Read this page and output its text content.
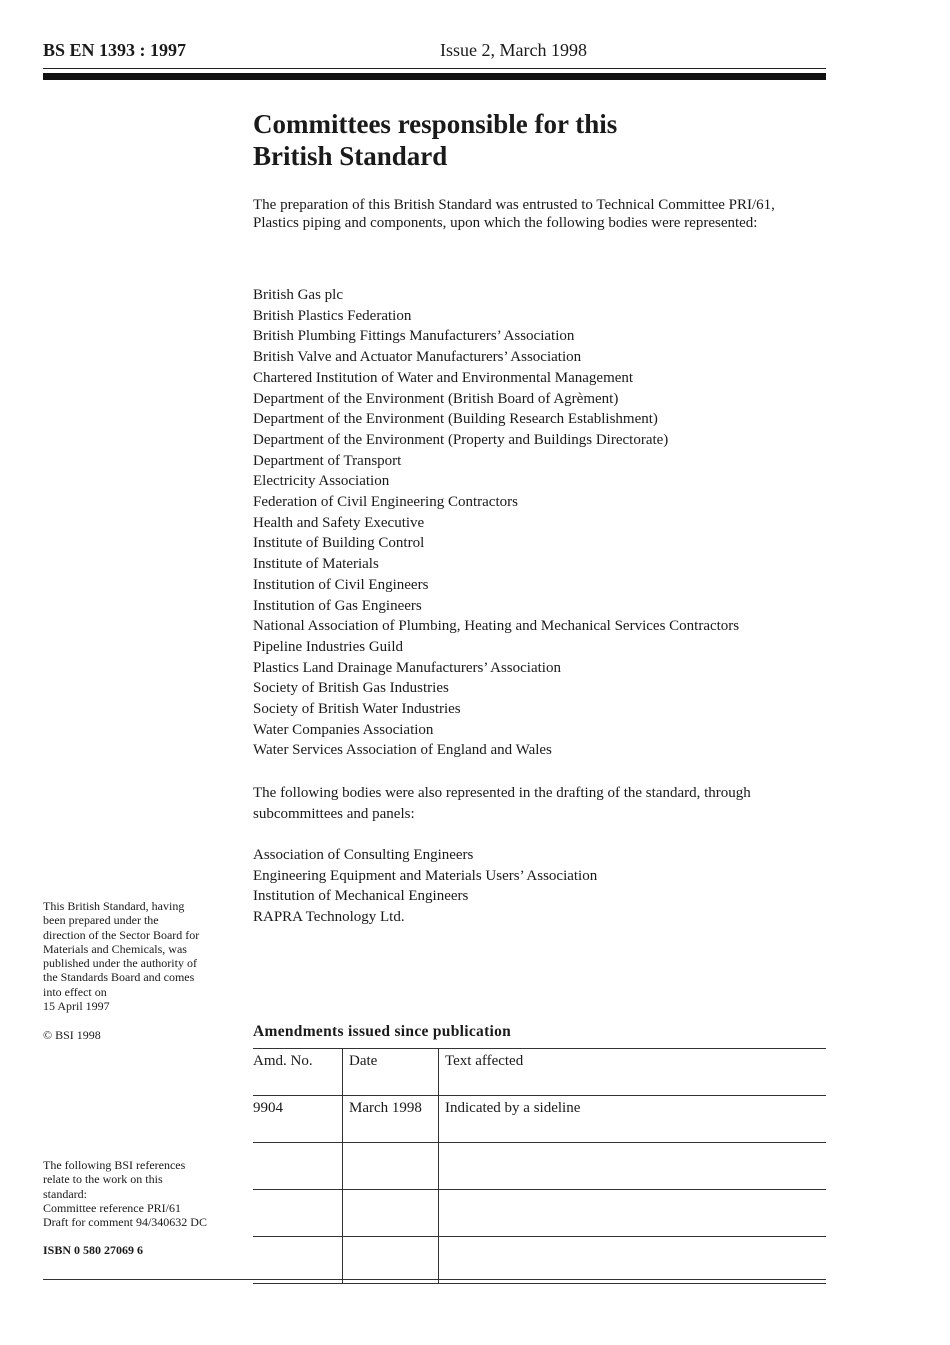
BS EN 1393 : 1997	Issue 2, March 1998
Committees responsible for this
British Standard
The preparation of this British Standard was entrusted to Technical Committee PRI/61, Plastics piping and components, upon which the following bodies were represented:
British Gas plc
British Plastics Federation
British Plumbing Fittings Manufacturers’ Association
British Valve and Actuator Manufacturers’ Association
Chartered Institution of Water and Environmental Management
Department of the Environment (British Board of Agrèment)
Department of the Environment (Building Research Establishment)
Department of the Environment (Property and Buildings Directorate)
Department of Transport
Electricity Association
Federation of Civil Engineering Contractors
Health and Safety Executive
Institute of Building Control
Institute of Materials
Institution of Civil Engineers
Institution of Gas Engineers
National Association of Plumbing, Heating and Mechanical Services Contractors
Pipeline Industries Guild
Plastics Land Drainage Manufacturers’ Association
Society of British Gas Industries
Society of British Water Industries
Water Companies Association
Water Services Association of England and Wales
The following bodies were also represented in the drafting of the standard, through subcommittees and panels:
Association of Consulting Engineers
Engineering Equipment and Materials Users’ Association
Institution of Mechanical Engineers
RAPRA Technology Ltd.
This British Standard, having
been prepared under the
direction of the Sector Board for
Materials and Chemicals, was
published under the authority of
the Standards Board and comes
into effect on
15 April 1997
© BSI 1998
The following BSI references
relate to the work on this
standard:
Committee reference PRI/61
Draft for comment 94/340632 DC
ISBN 0 580 27069 6
Amendments issued since publication
Amd. No.	Date	Text affected
9904	March 1998	Indicated by a sideline
